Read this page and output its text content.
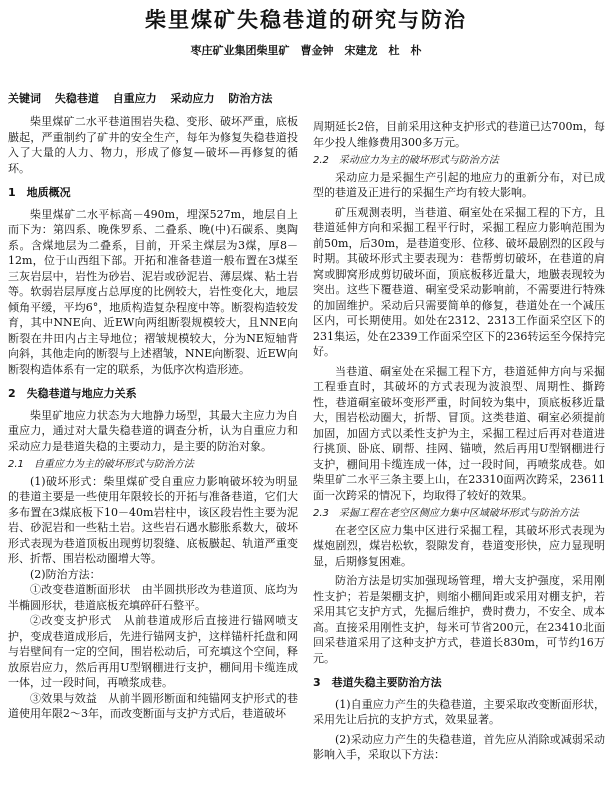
柴里煤矿失稳巷道的研究与防治
枣庄矿业集团柴里矿　曹金钟　宋建龙　杜　朴
关键词 失稳巷道 自重应力 采动应力 防治方法

柴里煤矿二水平巷道围岩失稳、变形、破坏严重，底板臌起，严重制约了矿井的安全生产，每年为修复失稳巷道投入了大量的人力、物力，形成了修复—破坏—再修复的循环。

1　地质概况

柴里煤矿二水平标高－490m，埋深527m，地层自上而下为：第四系、晚侏罗系、二叠系、晚(中)石碳系、奥陶系。含煤地层为二叠系，目前，开采主煤层为3煤，厚8－12m，位于山西组下部。开拓和准备巷道一般布置在3煤至三灰岩层中，岩性为砂岩、泥岩或砂泥岩、薄层煤、粘土岩等。软弱岩层厚度占总厚度的比例较大，岩性变化大，地层倾角平缓，平均6°，地质构造复杂程度中等。断裂构造较发育，其中NNE向、近EW向两组断裂规模较大，且NNE向断裂在井田内占主导地位；褶皱规模较大，分为NE短轴背向斜，其他走向的断裂与上述褶皱，NNE向断裂、近EW向断裂构造体系有一定的联系，为低序次构造形迹。

2　失稳巷道与地应力关系

柴里矿地应力状态为大地静力场型，其最大主应力为自重应力，通过对大量失稳巷道的调查分析，认为自重应力和采动应力是巷道失稳的主要动力，是主要的防治对象。

2.1　自重应力为主的破坏形式与防治方法

(1)破坏形式：柴里煤矿受自重应力影响破坏较为明显的巷道主要是一些使用年限较长的开拓与准备巷道，它们大多布置在3煤底板下10－40m岩柱中，该区段岩性主要为泥岩、砂泥岩和一些粘土岩。这些岩石遇水膨胀系数大，破坏形式表现为巷道顶板出现剪切裂缝、底板臌起、轨道严重变形、折帮、围岩松动圈增大等。

(2)防治方法：

①改变巷道断面形状　由半圆拱形改为巷道顶、底均为半椭圆形状，巷道底板充填碎矸石整平。

②改变支护形式　从前巷道成形后直接进行锚网喷支护，变成巷道成形后，先进行锚网支护，这样锚杆托盘和网与岩壁间有一定的空间，围岩松动后，可充填这个空间，释放原岩应力，然后再用U型钢棚进行支护，棚间用卡缆连成一体，过一段时间，再喷浆成巷。

③效果与效益　从前半圆形断面和纯锚网支护形式的巷道使用年限2～3年，而改变断面与支护方式后，巷道破坏

周期延长2倍，目前采用这种支护形式的巷道已达700m，每年少投人维修费用300多万元。

2.2　采动应力为主的破坏形式与防治方法

采动应力是采掘生产引起的地应力的重新分布，对已成型的巷道及正进行的采掘生产均有较大影响。

矿压观测表明，当巷道、硐室处在采掘工程的下方，且巷道延伸方向和采掘工程平行时，采掘工程应力影响范围为前50m，后30m，是巷道变形、位移、破坏最剧烈的区段与时期。其破坏形式主要表现为：巷帮剪切破坏，在巷道的肩窝或脚窝形成剪切破坏面，顶底板移近量大，地臌表现较为突出。这些下覆巷道、硐室受采动影响前，不需要进行特殊的加固维护。采动后只需要简单的修复，巷道处在一个减压区内，可长期使用。如处在2312、2313工作面采空区下的231集运，处在2339工作面采空区下的236转运至今保持完好。

当巷道、硐室处在采掘工程下方，巷道延伸方向与采掘工程垂直时，其破坏的方式表现为波浪型、周期性、撕跨性，巷道硐室破坏变形严重，时间较为集中，顶底板移近量大，围岩松动圈大，折帮、冒顶。这类巷道、硐室必须提前加固，加固方式以柔性支护为主，采掘工程过后再对巷道进行挑顶、卧底、刷帮、挂网、锚喷，然后再用U型钢棚进行支护，棚间用卡缆连成一体，过一段时间，再喷浆成巷。如柴里矿二水平三条主要上山，在23310面两次跨采，23611面一次跨采的情况下，均取得了较好的效果。

2.3　采掘工程在老空区侧应力集中区域破坏形式与防治方法

在老空区应力集中区进行采掘工程，其破坏形式表现为煤炮剧烈，煤岩松软，裂隙发育，巷道变形快，应力显现明显，后期修复困难。

防治方法是切实加强现场管理，增大支护强度，采用刚性支护；若是架棚支护，则缩小棚间距或采用对棚支护，若采用其它支护方式，先掘后维护，费时费力，不安全、成本高。直接采用刚性支护，每米可节省200元，在23410北面回采巷道采用了这种支护方式，巷道长830m，可节约16万元。

3　巷道失稳主要防治方法

(1)自重应力产生的失稳巷道，主要采取改变断面形状，采用先让后抗的支护方式，效果显著。

(2)采动应力产生的失稳巷道，首先应从消除或减弱采动影响入手，采取以下方法：
